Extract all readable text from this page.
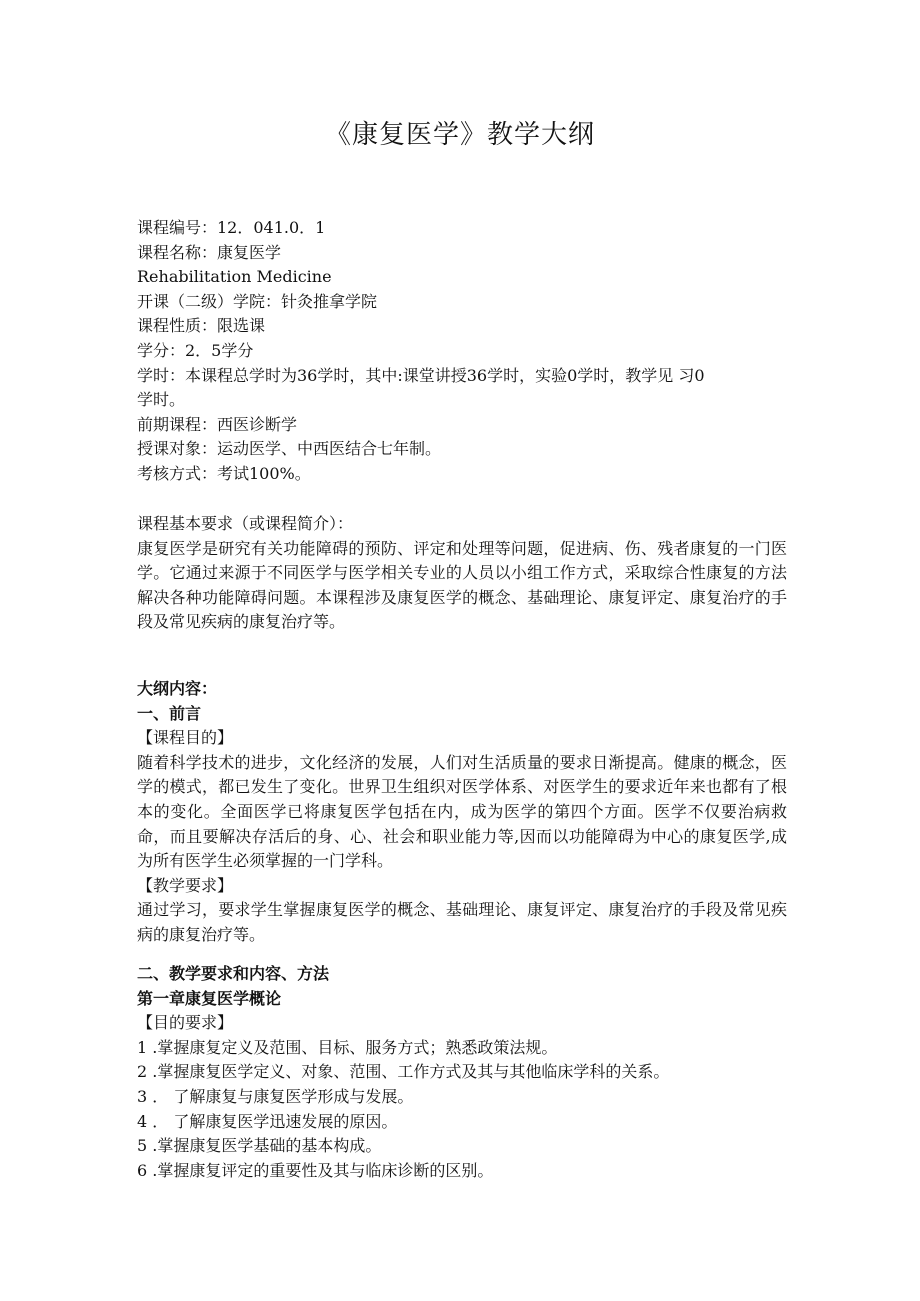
《康复医学》教学大纲
课程编号：12．041.0．1
课程名称：康复医学
Rehabilitation Medicine
开课（二级）学院：针灸推拿学院
课程性质：限选课
学分：2．5学分
学时：本课程总学时为36学时，其中:课堂讲授36学时，实验0学时，教学见 习0
学时。
前期课程：西医诊断学
授课对象：运动医学、中西医结合七年制。
考核方式：考试100%。
课程基本要求（或课程简介）：
康复医学是研究有关功能障碍的预防、评定和处理等问题，促进病、伤、残者康复的一门医学。它通过来源于不同医学与医学相关专业的人员以小组工作方式，采取综合性康复的方法解决各种功能障碍问题。本课程涉及康复医学的概念、基础理论、康复评定、康复治疗的手段及常见疾病的康复治疗等。
大纲内容：
一、前言
【课程目的】
随着科学技术的进步，文化经济的发展，人们对生活质量的要求日渐提高。健康的概念，医学的模式，都已发生了变化。世界卫生组织对医学体系、对医学生的要求近年来也都有了根本的变化。全面医学已将康复医学包括在内，成为医学的第四个方面。医学不仅要治病救命，而且要解决存活后的身、心、社会和职业能力等,因而以功能障碍为中心的康复医学,成为所有医学生必须掌握的一门学科。
【教学要求】
通过学习，要求学生掌握康复医学的概念、基础理论、康复评定、康复治疗的手段及常见疾病的康复治疗等。
二、教学要求和内容、方法
第一章康复医学概论
【目的要求】
1 .掌握康复定义及范围、目标、服务方式；熟悉政策法规。
2 .掌握康复医学定义、对象、范围、工作方式及其与其他临床学科的关系。
3 ． 了解康复与康复医学形成与发展。
4 ． 了解康复医学迅速发展的原因。
5 .掌握康复医学基础的基本构成。
6 .掌握康复评定的重要性及其与临床诊断的区别。
